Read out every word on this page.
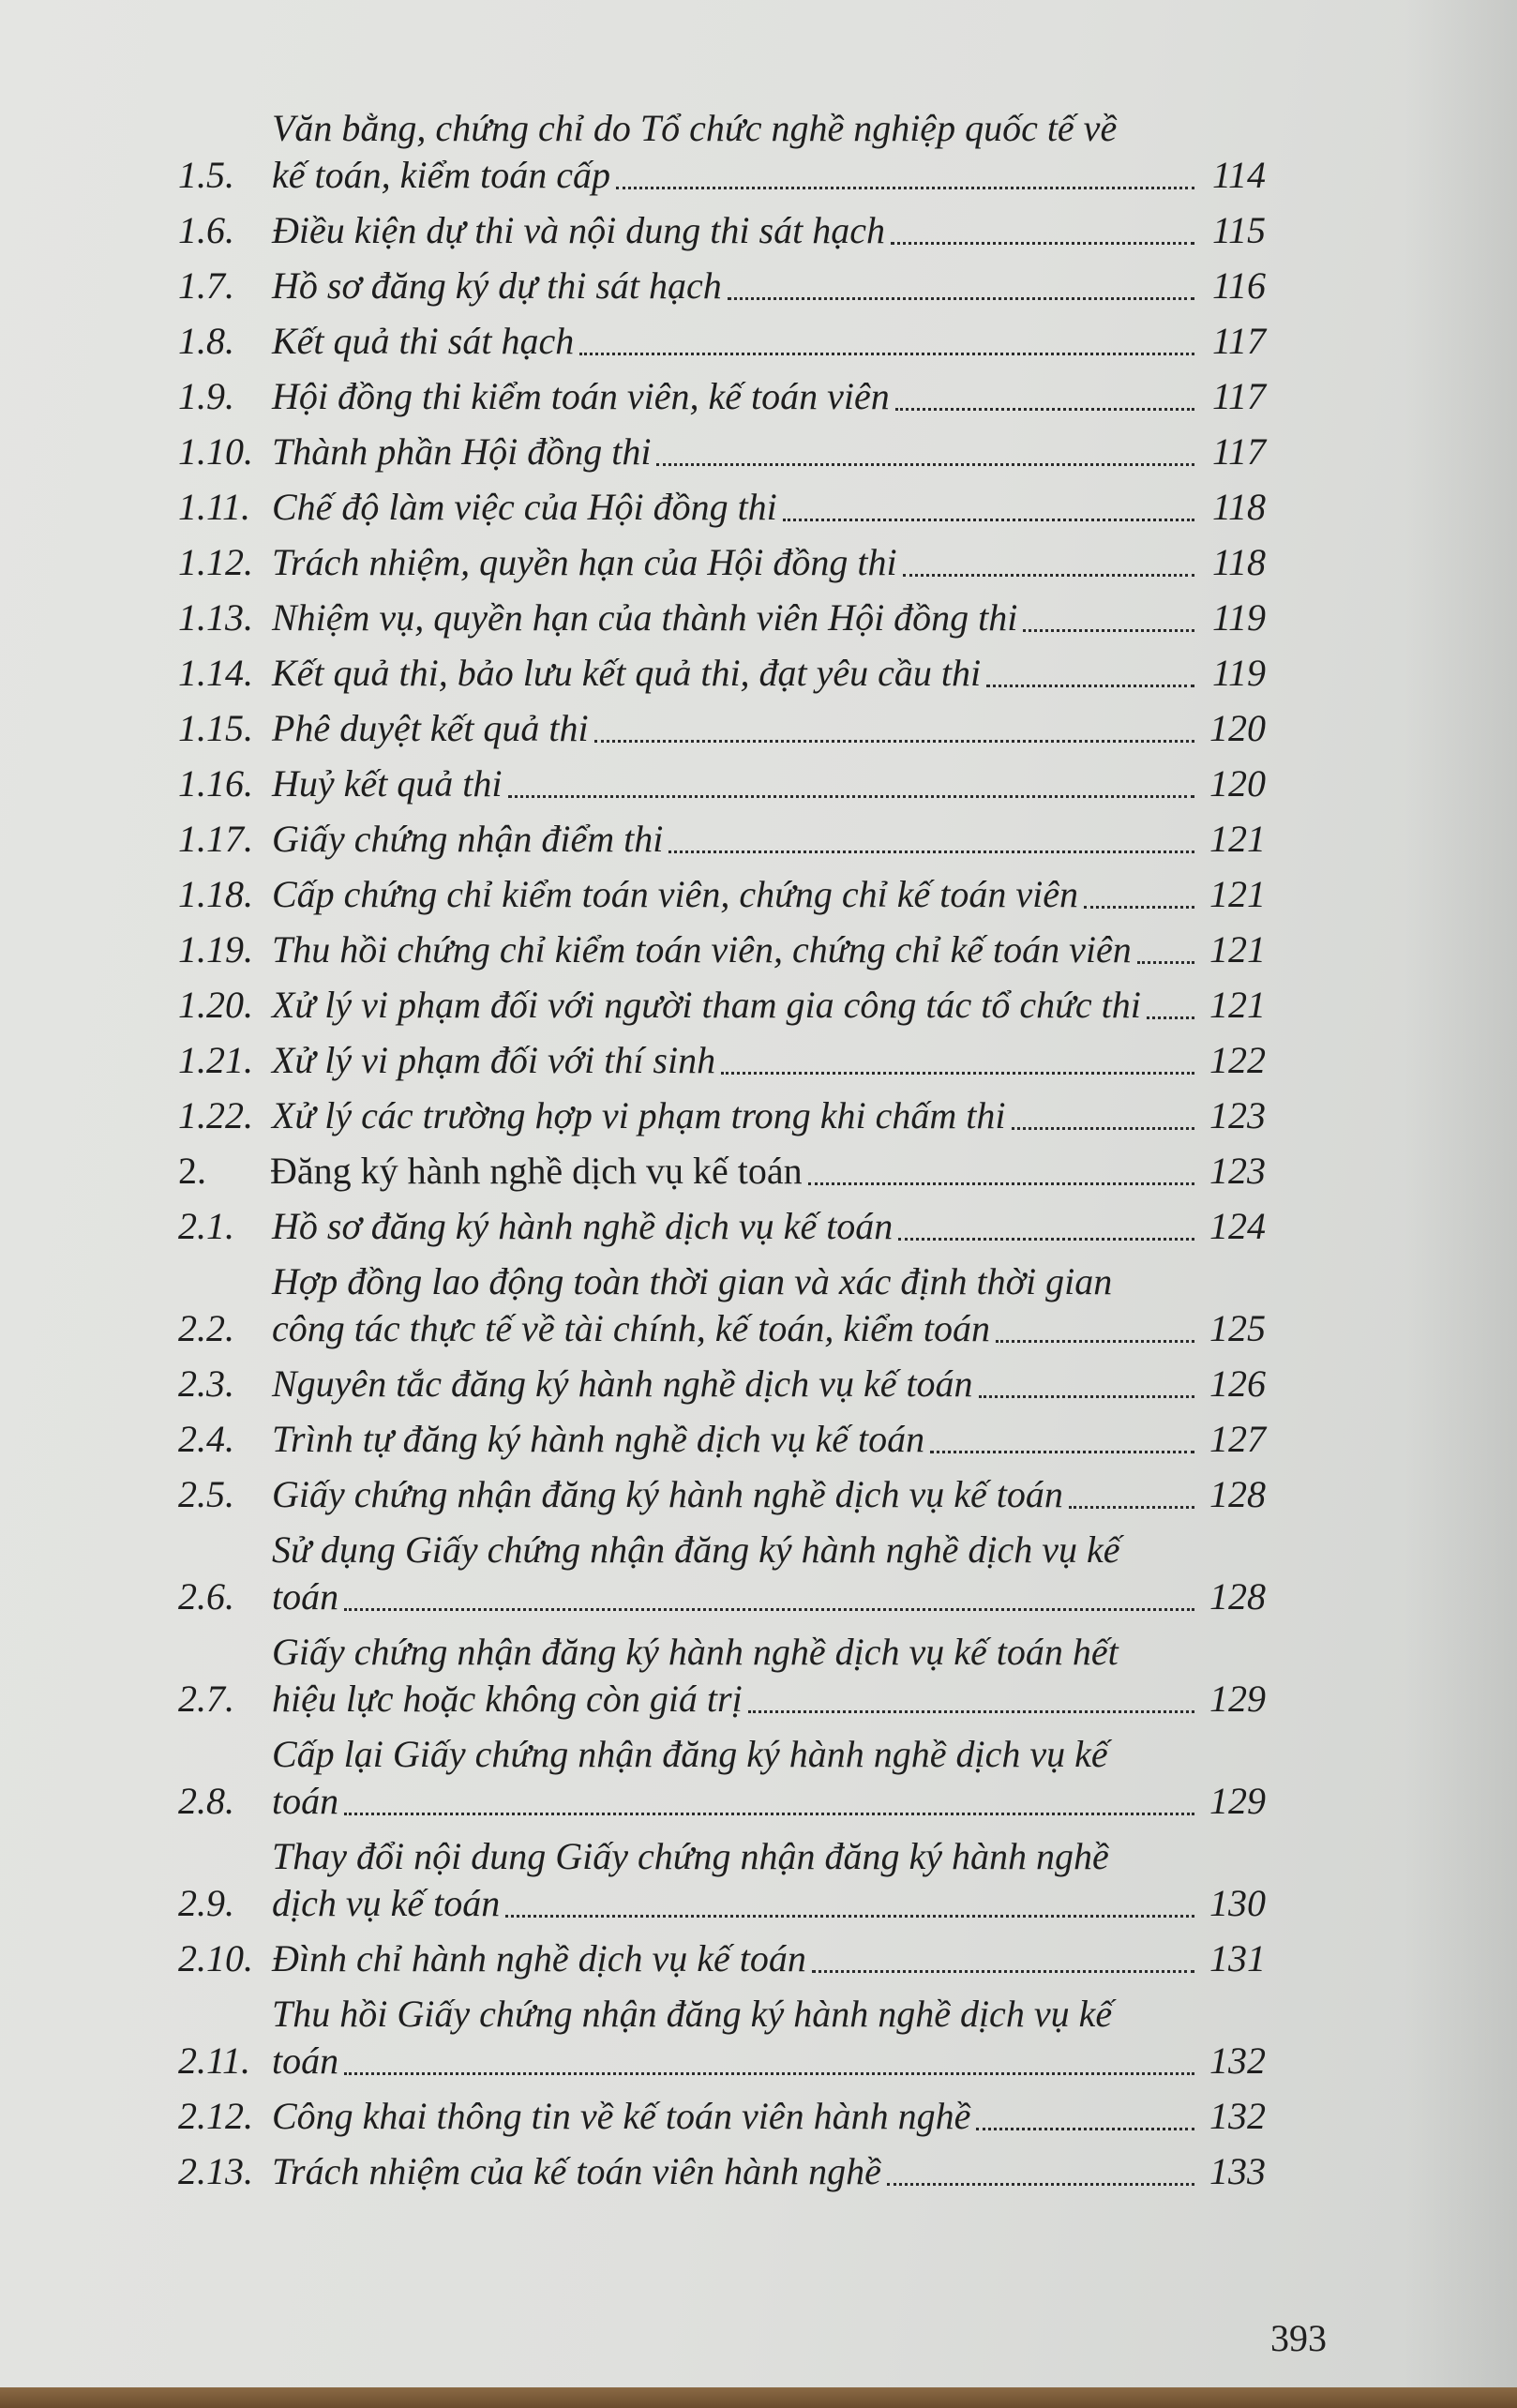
1.5.
Văn bằng, chứng chỉ do Tổ chức nghề nghiệp quốc tế về
kế toán, kiểm toán cấp	114
1.6.	Điều kiện dự thi và nội dung thi sát hạch	115
1.7.	Hồ sơ đăng ký dự thi sát hạch	116
1.8.	Kết quả thi sát hạch	117
1.9.	Hội đồng thi kiểm toán viên, kế toán viên	117
1.10. Thành phần Hội đồng thi	117
1.11. Chế độ làm việc của Hội đồng thi	118
1.12. Trách nhiệm, quyền hạn của Hội đồng thi	118
1.13. Nhiệm vụ, quyền hạn của thành viên Hội đồng thi	119
1.14. Kết quả thi, bảo lưu kết quả thi, đạt yêu cầu thi	119
1.15. Phê duyệt kết quả thi	120
1.16. Huỷ kết quả thi	120
1.17. Giấy chứng nhận điểm thi	121
1.18. Cấp chứng chỉ kiểm toán viên, chứng chỉ kế toán viên	121
1.19. Thu hồi chứng chỉ kiểm toán viên, chứng chỉ kế toán viên 121
1.20. Xử lý vi phạm đối với người tham gia công tác tổ chức thi 121
1.21. Xử lý vi phạm đối với thí sinh	122
1.22. Xử lý các trường hợp vi phạm trong khi chấm thi	123
2.	Đăng ký hành nghề dịch vụ kế toán	123
2.1.	Hồ sơ đăng ký hành nghề dịch vụ kế toán	124
2.2.
Hợp đồng lao động toàn thời gian và xác định thời gian
công tác thực tế về tài chính, kế toán, kiểm toán	125
2.3.	Nguyên tắc đăng ký hành nghề dịch vụ kế toán	126
2.4.	Trình tự đăng ký hành nghề dịch vụ kế toán	127
2.5.	Giấy chứng nhận đăng ký hành nghề dịch vụ kế toán	128
2.6.
Sử dụng Giấy chứng nhận đăng ký hành nghề dịch vụ kế
toán	128
2.7.
Giấy chứng nhận đăng ký hành nghề dịch vụ kế toán hết
hiệu lực hoặc không còn giá trị	129
2.8.
Cấp lại Giấy chứng nhận đăng ký hành nghề dịch vụ kế
toán	129
2.9.
Thay đổi nội dung Giấy chứng nhận đăng ký hành nghề
dịch vụ kế toán	130
2.10. Đình chỉ hành nghề dịch vụ kế toán	131
2.11.
Thu hồi Giấy chứng nhận đăng ký hành nghề dịch vụ kế
toán	132
2.12. Công khai thông tin về kế toán viên hành nghề	132
2.13. Trách nhiệm của kế toán viên hành nghề	133
393
